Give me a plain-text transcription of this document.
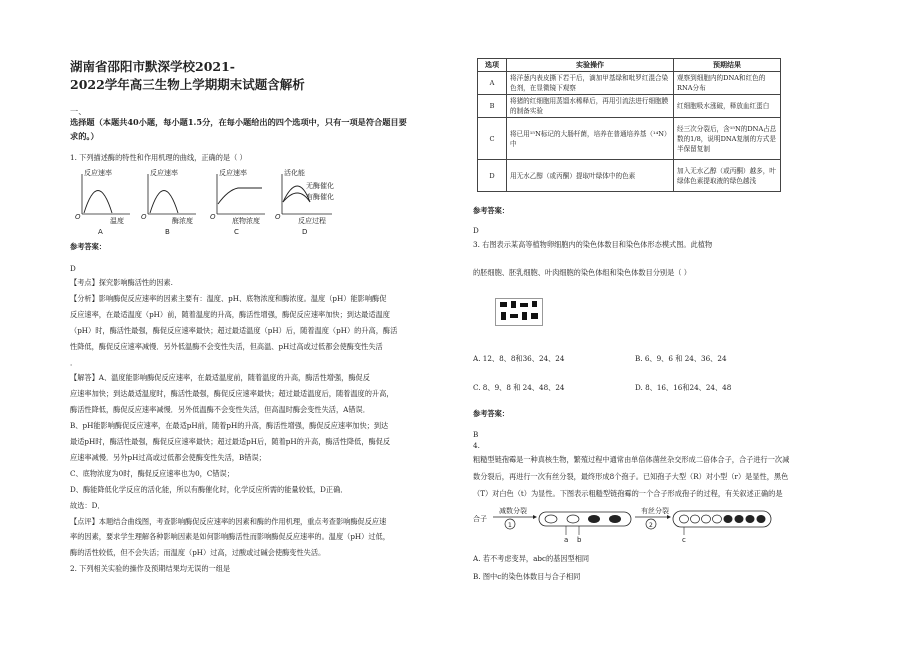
湖南省邵阳市默深学校2021-
2022学年高三生物上学期期末试题含解析
一、
选择题（本题共40小题，每小题1.5分，在每小题给出的四个选项中，只有一项是符合题目要
求的。）
1. 下列描述酶的特性和作用机理的曲线，正确的是（ ）
反应速率
温度
O
A
反应速率
酶浓度
O
B
反应速率
底物浓度
O
C
活化能
无酶催化
有酶催化
反应过程
O
D
参考答案：
D
【考点】探究影响酶活性的因素.
【分析】影响酶促反应速率的因素主要有：温度、pH、底物浓度和酶浓度。温度（pH）能影响酶促
反应速率，在最适温度（pH）前，随着温度的升高，酶活性增强，酶促反应速率加快；到达最适温度
（pH）时，酶活性最强，酶促反应速率最快；超过最适温度（pH）后，随着温度（pH）的升高，酶活
性降低，酶促反应速率减慢．另外低温酶不会变性失活，但高温、pH过高或过低都会使酶变性失活
．
【解答】A、温度能影响酶促反应速率，在最适温度前，随着温度的升高，酶活性增强，酶促反
应速率加快；到达最适温度时，酶活性最强，酶促反应速率最快；超过最适温度后，随着温度的升高，
酶活性降低，酶促反应速率减慢．另外低温酶不会变性失活，但高温时酶会变性失活，A错误．
B、pH能影响酶促反应速率，在最适pH前，随着pH的升高，酶活性增强，酶促反应速率加快；到达
最适pH时，酶活性最强，酶促反应速率最快；超过最适pH后，随着pH的升高，酶活性降低，酶促反
应速率减慢．另外pH过高或过低都会使酶变性失活，B错误；
C、底物浓度为0时，酶促反应速率也为0，C错误；
D、酶能降低化学反应的活化能，所以有酶催化时，化学反应所需的能量较低，D正确．
故选：D．
【点评】本题结合曲线图，考查影响酶促反应速率的因素和酶的作用机理，重点考查影响酶促反应速
率的因素，要求学生理解各种影响因素是如何影响酶活性而影响酶促反应速率的。温度（pH）过低，
酶的活性较低，但不会失活；而温度（pH）过高，过酸或过碱会使酶变性失活。
2. 下列相关实验的操作及预期结果均无误的一组是
选项	实验操作	预期结果
A	将洋葱内表皮撕下若干后，滴加甲基绿和吡罗红混合染色剂，在显微镜下观察	观察到细胞内的DNA和红色的RNA分布
B	将猪的红细胞用蒸馏水稀释后，再用引流法进行细胞膜的制备实验	红细胞吸水涨破，释放血红蛋白
C	将已用¹⁵N标记的大肠杆菌，培养在普通培养基（¹⁴N）中	经三次分裂后，含¹⁵N的DNA占总数的1/8，说明DNA复制的方式是半保留复制
D	用无水乙醇（或丙酮）提取叶绿体中的色素	加入无水乙醇（或丙酮）越多，叶绿体色素提取液的绿色越浅
参考答案：
D
3. 右图表示某高等植物卵细胞内的染色体数目和染色体形态模式图。此植物
的胚细胞、胚乳细胞、叶肉细胞的染色体组和染色体数目分别是（ ）
A. 12、8、8和36、24、24	B. 6、9、6 和 24、36、24
C. 8、9、8 和 24、48、24	D. 8、16、16和24、24、48
参考答案：
B
4.
粗糙型链孢霉是一种真核生物，繁殖过程中通常由单倍体菌丝杂交形成二倍体合子，合子进行一次减
数分裂后，再进行一次有丝分裂，最终形成8个孢子。已知孢子大型（R）对小型（r）是显性，黑色
（T）对白色（t）为显性。下图表示粗糙型链孢霉的一个合子形成孢子的过程，有关叙述正确的是
合子
减数分裂
1
a b
有丝分裂
2
c
A. 若不考虑变异，abc的基因型相同
B. 图中c的染色体数目与合子相同
